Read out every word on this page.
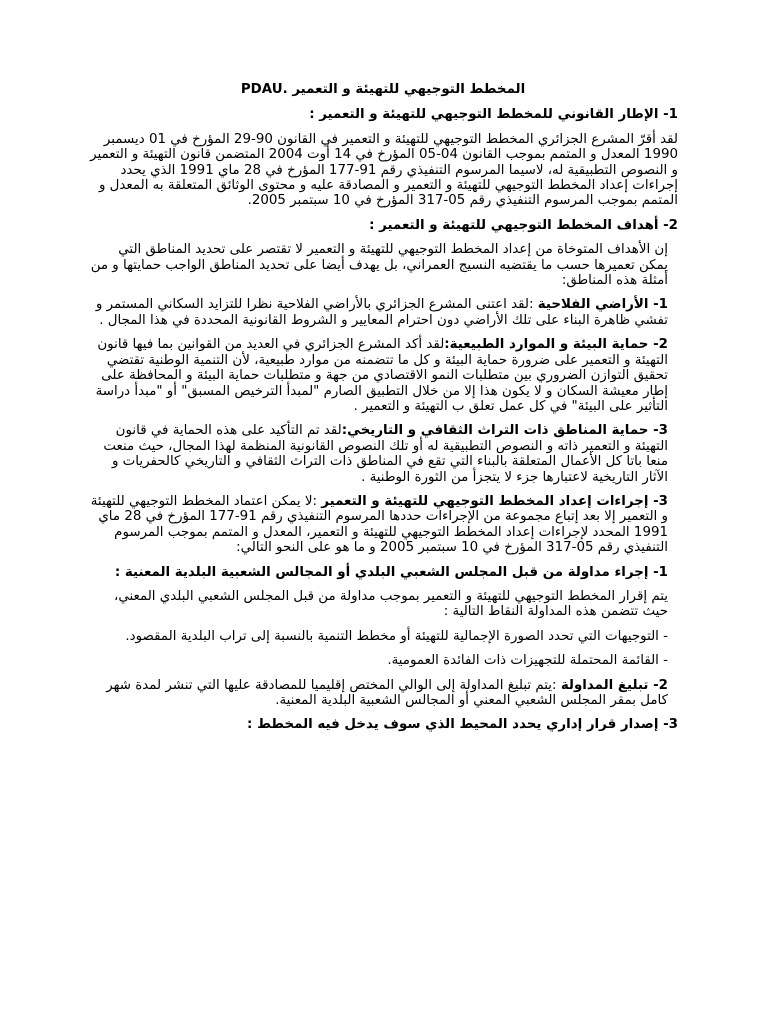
المخطط التوجيهي للتهيئة و التعمير PDAU.
1- الإطار القانوني للمخطط التوجيهي للتهيئة و التعمير :
لقد أقرّ المشرع الجزائري المخطط التوجيهي للتهيئة و التعمير في القانون 90-29 المؤرخ في 01 ديسمبر 1990 المعدل و المتمم بموجب القانون 04-05 المؤرخ في 14 أوت 2004 المتضمن قانون التهيئة و التعمير و النصوص التطبيقية له، لاسيما المرسوم التنفيذي رقم 91-177 المؤرخ في 28 ماي 1991 الذي يحدد إجراءات إعداد المخطط التوجيهي للتهيئة و التعمير و المصادقة عليه و محتوى الوثائق المتعلقة به المعدل و المتمم بموجب المرسوم التنفيذي رقم 05-317 المؤرخ في 10 سبتمبر 2005.
2- أهداف المخطط التوجيهي للتهيئة و التعمير :
إن الأهداف المتوخاة من إعداد المخطط التوجيهي للتهيئة و التعمير لا تقتصر على تحديد المناطق التي يمكن تعميرها حسب ما يقتضيه النسيج العمراني، بل يهدف أيضا على تحديد المناطق الواجب حمايتها و من أمثلة هذه المناطق:
1- الأراضي الفلاحية :لقد اعتنى المشرع الجزائري بالأراضي الفلاحية نظرا للتزايد السكاني المستمر و تفشي ظاهرة البناء على تلك الأراضي دون احترام المعايير و الشروط القانونية المحددة في هذا المجال .
2- حماية البيئة و الموارد الطبيعية:لقد أكد المشرع الجزائري في العديد من القوانين بما فيها قانون التهيئة و التعمير على ضرورة حماية البيئة و كل ما تتضمنه من موارد طبيعية، لأن التنمية الوطنية تقتضي تحقيق التوازن الضروري بين متطلبات النمو الاقتصادي من جهة و متطلبات حماية البيئة و المحافظة على إطار معيشة السكان و لا يكون هذا إلا من خلال التطبيق الصارم "لمبدأ الترخيص المسبق" أو "مبدأ دراسة التأثير على البيئة" في كل عمل تعلق ب التهيئة و التعمير .
3- حماية المناطق ذات التراث الثقافي و التاريخي:لقد تم التأكيد على هذه الحماية في قانون التهيئة و التعمير ذاته و النصوص التطبيقية له أو تلك النصوص القانونية المنظمة لهذا المجال، حيث منعت منعا باتا كل الأعمال المتعلقة بالبناء التي تقع في المناطق ذات التراث الثقافي و التاريخي كالحفريات و الآثار التاريخية لاعتبارها جزء لا يتجزأ من الثورة الوطنية .
3- إجراءات إعداد المخطط التوجيهي للتهيئة و التعمير :لا يمكن اعتماد المخطط التوجيهي للتهيئة و التعمير إلا بعد إتباع مجموعة من الإجراءات حددها المرسوم التنفيذي رقم 91-177 المؤرخ في 28 ماي 1991 المحدد لإجراءات إعداد المخطط التوجيهي للتهيئة و التعمير، المعدل و المتمم بموجب المرسوم التنفيذي رقم 05-317 المؤرخ في 10 سبتمبر 2005 و ما هو على النحو التالي:
1- إجراء مداولة من قبل المجلس الشعبي البلدي أو المجالس الشعبية البلدية المعنية :
يتم إقرار المخطط التوجيهي للتهيئة و التعمير بموجب مداولة من قبل المجلس الشعبي البلدي المعني، حيث تتضمن هذه المداولة النقاط التالية :
- التوجيهات التي تحدد الصورة الإجمالية للتهيئة أو مخطط التنمية بالنسبة إلى تراب البلدية المقصود.
- القائمة المحتملة للتجهيزات ذات الفائدة العمومية.
2- تبليغ المداولة :يتم تبليغ المداولة إلى الوالي المختص إقليميا للمصادقة عليها التي تنشر لمدة شهر كامل بمقر المجلس الشعبي المعني أو المجالس الشعبية البلدية المعنية.
3- إصدار قرار إداري يحدد المحيط الذي سوف يدخل فيه المخطط :
